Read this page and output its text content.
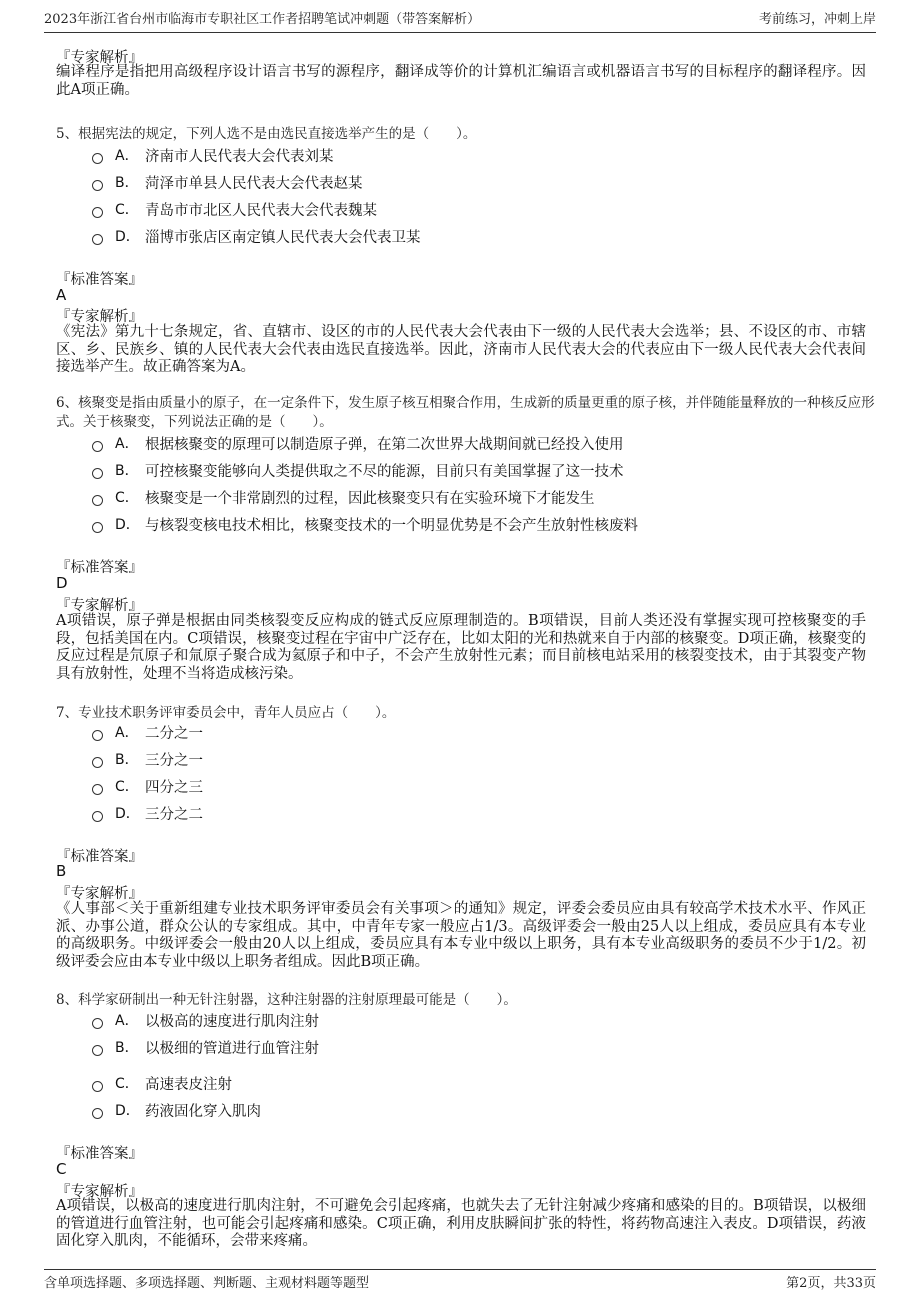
2023年浙江省台州市临海市专职社区工作者招聘笔试冲刺题（带答案解析）	考前练习，冲刺上岸
『专家解析』
编译程序是指把用高级程序设计语言书写的源程序，翻译成等价的计算机汇编语言或机器语言书写的目标程序的翻译程序。因此A项正确。
5、根据宪法的规定，下列人选不是由选民直接选举产生的是（　　）。
A． 济南市人民代表大会代表刘某
B． 菏泽市单县人民代表大会代表赵某
C． 青岛市市北区人民代表大会代表魏某
D． 淄博市张店区南定镇人民代表大会代表卫某
『标准答案』
A
『专家解析』
《宪法》第九十七条规定，省、直辖市、设区的市的人民代表大会代表由下一级的人民代表大会选举；县、不设区的市、市辖区、乡、民族乡、镇的人民代表大会代表由选民直接选举。因此，济南市人民代表大会的代表应由下一级人民代表大会代表间接选举产生。故正确答案为A。
6、核聚变是指由质量小的原子，在一定条件下，发生原子核互相聚合作用，生成新的质量更重的原子核，并伴随能量释放的一种核反应形式。关于核聚变，下列说法正确的是（　　）。
A． 根据核聚变的原理可以制造原子弹，在第二次世界大战期间就已经投入使用
B． 可控核聚变能够向人类提供取之不尽的能源，目前只有美国掌握了这一技术
C． 核聚变是一个非常剧烈的过程，因此核聚变只有在实验环境下才能发生
D． 与核裂变核电技术相比，核聚变技术的一个明显优势是不会产生放射性核废料
『标准答案』
D
『专家解析』
A项错误，原子弹是根据由同类核裂变反应构成的链式反应原理制造的。B项错误，目前人类还没有掌握实现可控核聚变的手段，包括美国在内。C项错误，核聚变过程在宇宙中广泛存在，比如太阳的光和热就来自于内部的核聚变。D项正确，核聚变的反应过程是氘原子和氚原子聚合成为氦原子和中子，不会产生放射性元素；而目前核电站采用的核裂变技术，由于其裂变产物具有放射性，处理不当将造成核污染。
7、专业技术职务评审委员会中，青年人员应占（　　）。
A． 二分之一
B． 三分之一
C． 四分之三
D． 三分之二
『标准答案』
B
『专家解析』
《人事部＜关于重新组建专业技术职务评审委员会有关事项＞的通知》规定，评委会委员应由具有较高学术技术水平、作风正派、办事公道，群众公认的专家组成。其中，中青年专家一般应占1/3。高级评委会一般由25人以上组成，委员应具有本专业的高级职务。中级评委会一般由20人以上组成，委员应具有本专业中级以上职务，具有本专业高级职务的委员不少于1/2。初级评委会应由本专业中级以上职务者组成。因此B项正确。
8、科学家研制出一种无针注射器，这种注射器的注射原理最可能是（　　）。
A． 以极高的速度进行肌肉注射
B． 以极细的管道进行血管注射
C． 高速表皮注射
D． 药液固化穿入肌肉
『标准答案』
C
『专家解析』
A项错误，以极高的速度进行肌肉注射，不可避免会引起疼痛，也就失去了无针注射减少疼痛和感染的目的。B项错误，以极细的管道进行血管注射，也可能会引起疼痛和感染。C项正确，利用皮肤瞬间扩张的特性，将药物高速注入表皮。D项错误，药液固化穿入肌肉，不能循环，会带来疼痛。
含单项选择题、多项选择题、判断题、主观材料题等题型	第2页，共33页
